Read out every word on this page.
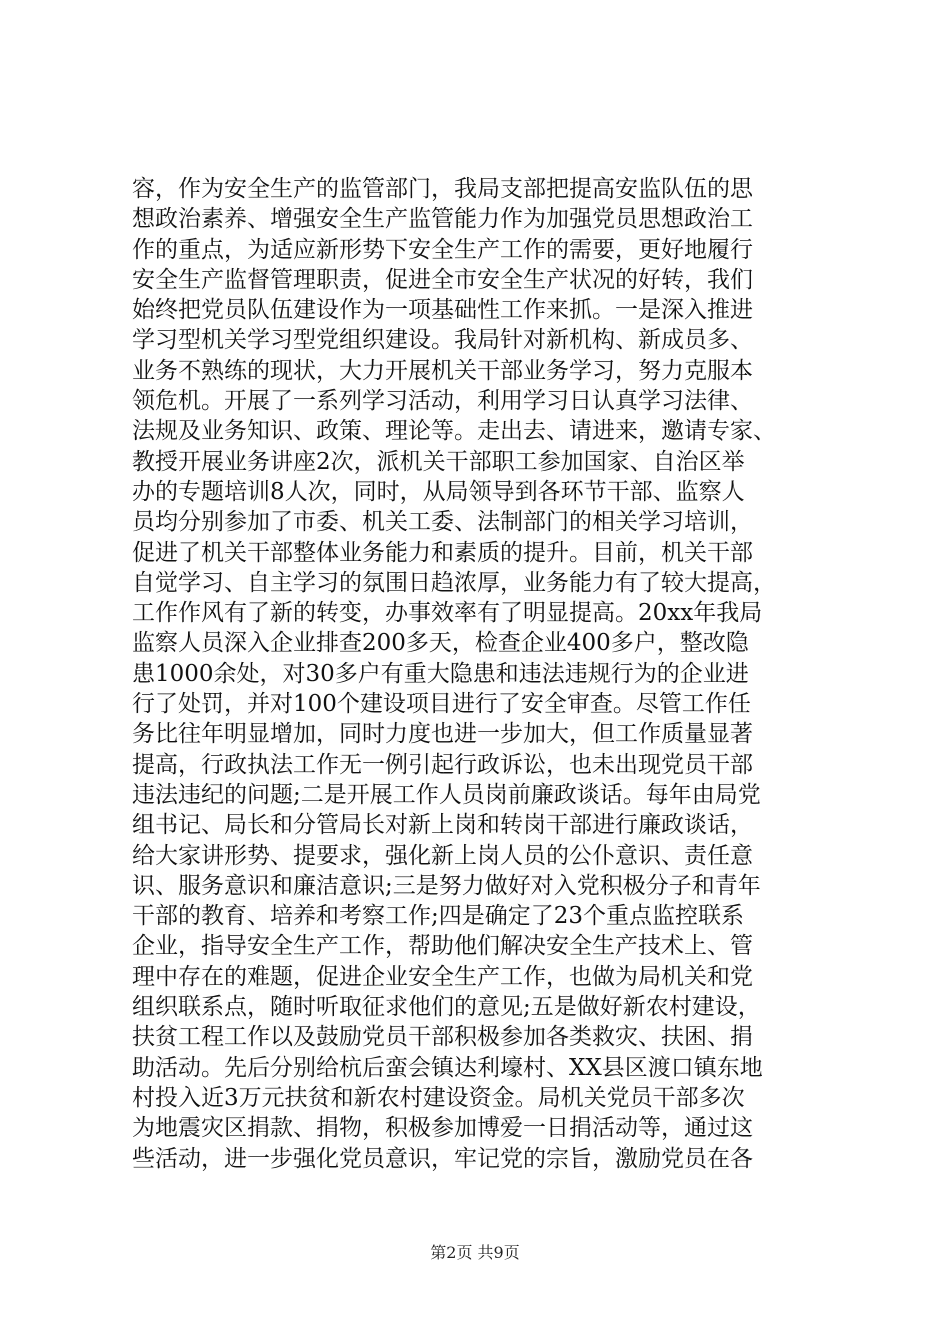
容，作为安全生产的监管部门，我局支部把提高安监队伍的思
想政治素养、增强安全生产监管能力作为加强党员思想政治工
作的重点，为适应新形势下安全生产工作的需要，更好地履行
安全生产监督管理职责，促进全市安全生产状况的好转，我们
始终把党员队伍建设作为一项基础性工作来抓。一是深入推进
学习型机关学习型党组织建设。我局针对新机构、新成员多、
业务不熟练的现状，大力开展机关干部业务学习，努力克服本
领危机。开展了一系列学习活动，利用学习日认真学习法律、
法规及业务知识、政策、理论等。走出去、请进来，邀请专家、
教授开展业务讲座2次，派机关干部职工参加国家、自治区举
办的专题培训8人次，同时，从局领导到各环节干部、监察人
员均分别参加了市委、机关工委、法制部门的相关学习培训，
促进了机关干部整体业务能力和素质的提升。目前，机关干部
自觉学习、自主学习的氛围日趋浓厚，业务能力有了较大提高，
工作作风有了新的转变，办事效率有了明显提高。20xx年我局
监察人员深入企业排查200多天，检查企业400多户，整改隐
患1000余处，对30多户有重大隐患和违法违规行为的企业进
行了处罚，并对100个建设项目进行了安全审查。尽管工作任
务比往年明显增加，同时力度也进一步加大，但工作质量显著
提高，行政执法工作无一例引起行政诉讼，也未出现党员干部
违法违纪的问题;二是开展工作人员岗前廉政谈话。每年由局党
组书记、局长和分管局长对新上岗和转岗干部进行廉政谈话，
给大家讲形势、提要求，强化新上岗人员的公仆意识、责任意
识、服务意识和廉洁意识;三是努力做好对入党积极分子和青年
干部的教育、培养和考察工作;四是确定了23个重点监控联系
企业，指导安全生产工作，帮助他们解决安全生产技术上、管
理中存在的难题，促进企业安全生产工作，也做为局机关和党
组织联系点，随时听取征求他们的意见;五是做好新农村建设，
扶贫工程工作以及鼓励党员干部积极参加各类救灾、扶困、捐
助活动。先后分别给杭后蛮会镇达利壕村、XX县区渡口镇东地
村投入近3万元扶贫和新农村建设资金。局机关党员干部多次
为地震灾区捐款、捐物，积极参加博爱一日捐活动等，通过这
些活动，进一步强化党员意识，牢记党的宗旨，激励党员在各
第2页 共9页
